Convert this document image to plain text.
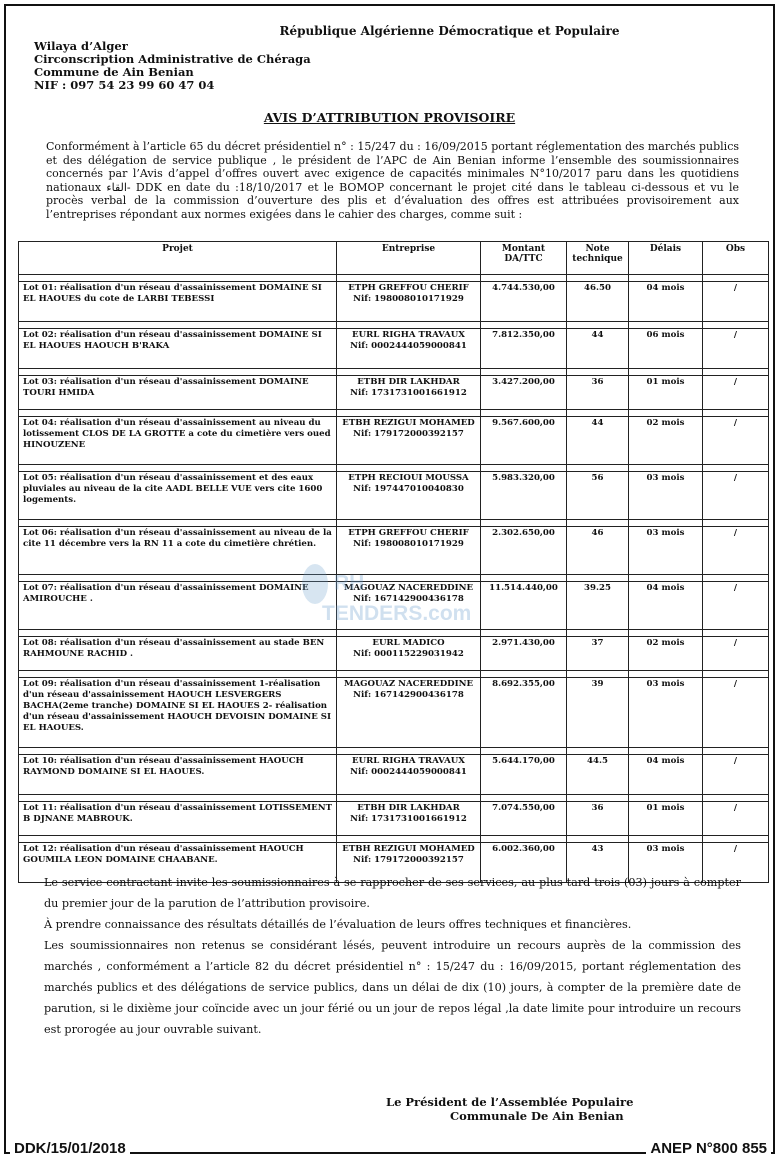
République Algérienne Démocratique et Populaire
Wilaya d’Alger
Circonscription Administrative de Chéraga
Commune de Ain Benian
NIF : 097 54 23 99 60 47 04
AVIS D’ATTRIBUTION PROVISOIRE
Conformément à l’article 65 du décret présidentiel n° : 15/247 du : 16/09/2015 portant réglementation des marchés publics et des délégation de service publique , le président de l’APC de Ain Benian informe l’ensemble des soumissionnaires concernés par l’Avis d’appel d’offres ouvert avec exigence de capacités minimales N°10/2017 paru dans les quotidiens nationaux القاء- DDK en date du :18/10/2017 et le BOMOP concernant le projet cité dans le tableau ci-dessous et vu le procès verbal de la commission d’ouverture des plis et d’évaluation des offres est attribuées provisoirement aux l’entreprises répondant aux normes exigées dans le cahier des charges, comme suit :
Projet	Entreprise	Montant DA/TTC	Note technique	Délais	Obs

Lot 01: réalisation d'un réseau d'assainissement DOMAINE SI EL HAOUES du cote de LARBI TEBESSI	ETPH GREFFOU CHERIF
Nif: 198008010171929	4.744.530,00	46.50	04 mois	/

Lot 02: réalisation d'un réseau d'assainissement DOMAINE SI EL HAOUES HAOUCH B'RAKA	EURL RIGHA TRAVAUX
Nif: 0002444059000841	7.812.350,00	44	06 mois	/

Lot 03: réalisation d'un réseau d'assainissement DOMAINE TOURI HMIDA	ETBH DIR LAKHDAR
Nif: 1731731001661912	3.427.200,00	36	01 mois	/

Lot 04: réalisation d'un réseau d'assainissement au niveau du lotissement CLOS DE LA GROTTE a cote du cimetière vers oued HINOUZENE	ETBH REZIGUI MOHAMED
Nif: 179172000392157	9.567.600,00	44	02 mois	/

Lot 05: réalisation d'un réseau d'assainissement et des eaux pluviales au niveau de la cite AADL BELLE VUE vers cite 1600 logements.	ETPH RECIOUI MOUSSA
Nif: 197447010040830	5.983.320,00	56	03 mois	/

Lot 06: réalisation d'un réseau d'assainissement au niveau de la cite 11 décembre vers la RN 11 a cote du cimetière chrétien.	ETPH GREFFOU CHERIF
Nif: 198008010171929	2.302.650,00	46	03 mois	/

Lot 07: réalisation d'un réseau d'assainissement DOMAINE AMIROUCHE .	MAGOUAZ NACEREDDINE
Nif: 167142900436178	11.514.440,00	39.25	04 mois	/

Lot 08: réalisation d'un réseau d'assainissement au stade BEN RAHMOUNE RACHID .	EURL MADICO
Nif: 000115229031942	2.971.430,00	37	02 mois	/

Lot 09: réalisation d'un réseau d'assainissement 1-réalisation d'un réseau d'assainissement HAOUCH LESVERGERS BACHA(2eme tranche) DOMAINE SI EL HAOUES 2- réalisation d'un réseau d'assainissement HAOUCH DEVOISIN DOMAINE SI EL HAOUES.	MAGOUAZ NACEREDDINE
Nif: 167142900436178	8.692.355,00	39	03 mois	/

Lot 10: réalisation d'un réseau d'assainissement HAOUCH RAYMOND DOMAINE SI EL HAOUES.	EURL RIGHA TRAVAUX
Nif: 0002444059000841	5.644.170,00	44.5	04 mois	/

Lot 11: réalisation d'un réseau d'assainissement LOTISSEMENT B DJNANE MABROUK.	ETBH DIR LAKHDAR
Nif: 1731731001661912	7.074.550,00	36	01 mois	/

Lot 12: réalisation d'un réseau d'assainissement HAOUCH GOUMILA LEON DOMAINE CHAABANE.	ETBH REZIGUI MOHAMED
Nif: 179172000392157	6.002.360,00	43	03 mois	/
RH
TENDERS.com

Le service contractant invite les soumissionnaires à se rapprocher de ses services, au plus tard trois (03) jours à compter du premier jour de la parution de l’attribution provisoire.

À prendre connaissance des résultats détaillés de l’évaluation de leurs offres techniques et financières.

Les soumissionnaires non retenus se considérant lésés, peuvent introduire un recours auprès de la commission des marchés , conformément a l’article 82 du décret présidentiel n° : 15/247 du : 16/09/2015, portant réglementation des marchés publics et des délégations de service publics, dans un délai de dix (10) jours, à compter de la première date de parution, si le dixième jour coïncide avec un jour férié ou un jour de repos légal ,la date limite pour introduire un recours est prorogée au jour ouvrable suivant.

Le Président de l’Assemblée Populaire
Communale De Ain Benian
DDK/15/01/2018	ANEP N°800 855
